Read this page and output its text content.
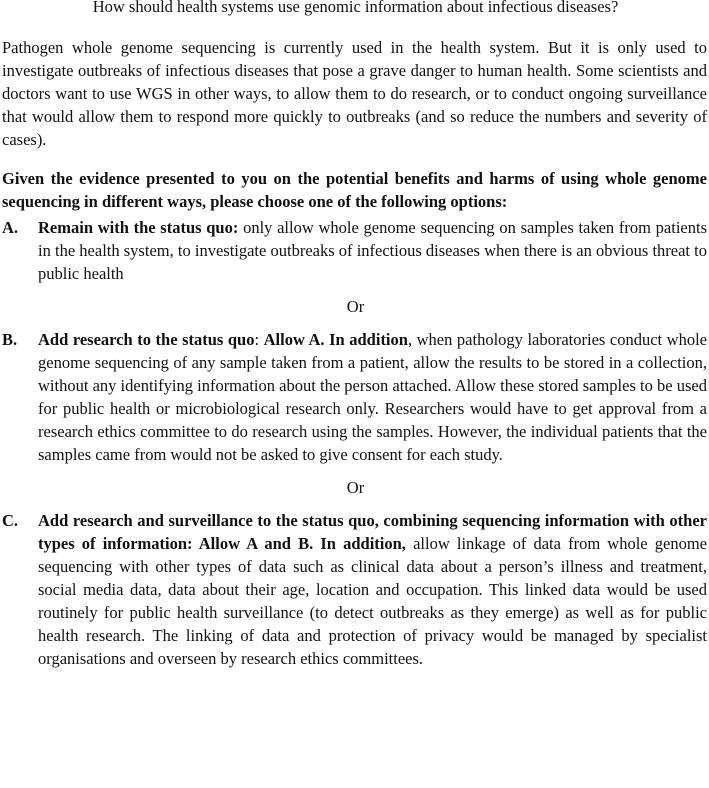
How should health systems use genomic information about infectious diseases?

Pathogen whole genome sequencing is currently used in the health system. But it is only used to investigate outbreaks of infectious diseases that pose a grave danger to human health. Some scientists and doctors want to use WGS in other ways, to allow them to do research, or to conduct ongoing surveillance that would allow them to respond more quickly to outbreaks (and so reduce the numbers and severity of cases).

Given the evidence presented to you on the potential benefits and harms of using whole genome sequencing in different ways, please choose one of the following options:

A.	Remain with the status quo: only allow whole genome sequencing on samples taken from patients in the health system, to investigate outbreaks of infectious diseases when there is an obvious threat to public health

Or

B.	Add research to the status quo: Allow A. In addition, when pathology laboratories conduct whole genome sequencing of any sample taken from a patient, allow the results to be stored in a collection, without any identifying information about the person attached. Allow these stored samples to be used for public health or microbiological research only. Researchers would have to get approval from a research ethics committee to do research using the samples. However, the individual patients that the samples came from would not be asked to give consent for each study.

Or

C.	Add research and surveillance to the status quo, combining sequencing information with other types of information: Allow A and B. In addition, allow linkage of data from whole genome sequencing with other types of data such as clinical data about a person’s illness and treatment, social media data, data about their age, location and occupation. This linked data would be used routinely for public health surveillance (to detect outbreaks as they emerge) as well as for public health research. The linking of data and protection of privacy would be managed by specialist organisations and overseen by research ethics committees.
